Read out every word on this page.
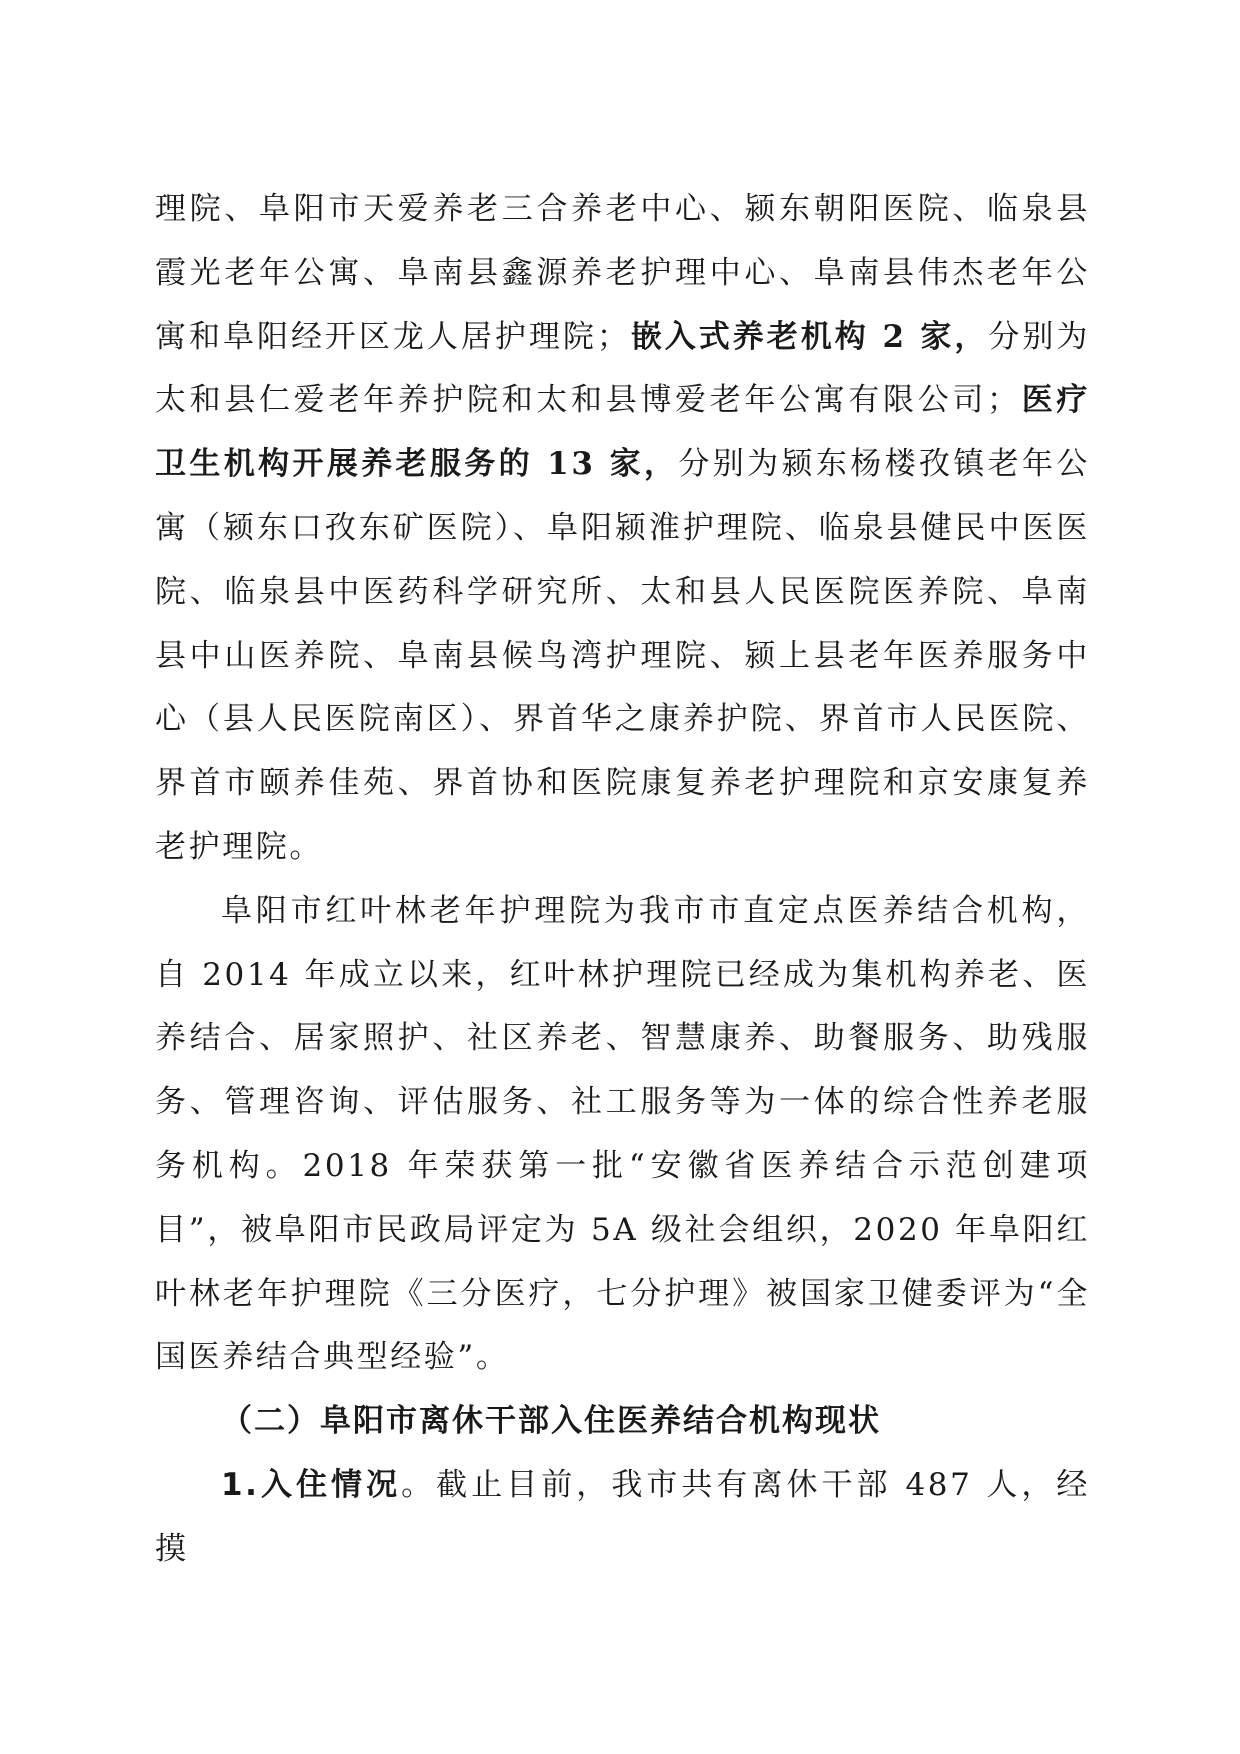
理院、阜阳市天爱养老三合养老中心、颍东朝阳医院、临泉县霞光老年公寓、阜南县鑫源养老护理中心、阜南县伟杰老年公寓和阜阳经开区龙人居护理院；嵌入式养老机构 2 家，分别为太和县仁爱老年养护院和太和县博爱老年公寓有限公司；医疗卫生机构开展养老服务的 13 家，分别为颍东杨楼孜镇老年公寓（颍东口孜东矿医院）、阜阳颍淮护理院、临泉县健民中医医院、临泉县中医药科学研究所、太和县人民医院医养院、阜南县中山医养院、阜南县候鸟湾护理院、颍上县老年医养服务中心（县人民医院南区）、界首华之康养护院、界首市人民医院、界首市颐养佳苑、界首协和医院康复养老护理院和京安康复养老护理院。

阜阳市红叶林老年护理院为我市市直定点医养结合机构，自 2014 年成立以来，红叶林护理院已经成为集机构养老、医养结合、居家照护、社区养老、智慧康养、助餐服务、助残服务、管理咨询、评估服务、社工服务等为一体的综合性养老服务机构。2018 年荣获第一批“安徽省医养结合示范创建项目”，被阜阳市民政局评定为 5A 级社会组织，2020 年阜阳红叶林老年护理院《三分医疗，七分护理》被国家卫健委评为“全国医养结合典型经验”。

（二）阜阳市离休干部入住医养结合机构现状

1.入住情况。截止目前，我市共有离休干部 487 人，经摸
